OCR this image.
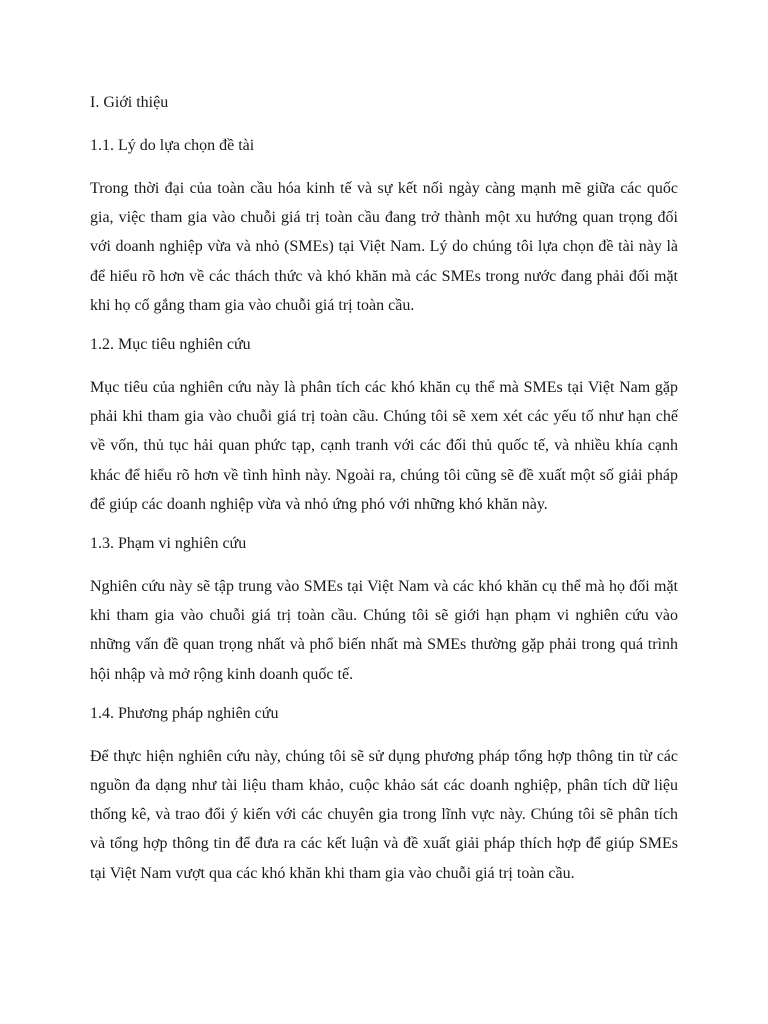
I. Giới thiệu

1.1. Lý do lựa chọn đề tài

Trong thời đại của toàn cầu hóa kinh tế và sự kết nối ngày càng mạnh mẽ giữa các quốc gia, việc tham gia vào chuỗi giá trị toàn cầu đang trở thành một xu hướng quan trọng đối với doanh nghiệp vừa và nhỏ (SMEs) tại Việt Nam. Lý do chúng tôi lựa chọn đề tài này là để hiểu rõ hơn về các thách thức và khó khăn mà các SMEs trong nước đang phải đối mặt khi họ cố gắng tham gia vào chuỗi giá trị toàn cầu.

1.2. Mục tiêu nghiên cứu

Mục tiêu của nghiên cứu này là phân tích các khó khăn cụ thể mà SMEs tại Việt Nam gặp phải khi tham gia vào chuỗi giá trị toàn cầu. Chúng tôi sẽ xem xét các yếu tố như hạn chế về vốn, thủ tục hải quan phức tạp, cạnh tranh với các đối thủ quốc tế, và nhiều khía cạnh khác để hiểu rõ hơn về tình hình này. Ngoài ra, chúng tôi cũng sẽ đề xuất một số giải pháp để giúp các doanh nghiệp vừa và nhỏ ứng phó với những khó khăn này.

1.3. Phạm vi nghiên cứu

Nghiên cứu này sẽ tập trung vào SMEs tại Việt Nam và các khó khăn cụ thể mà họ đối mặt khi tham gia vào chuỗi giá trị toàn cầu. Chúng tôi sẽ giới hạn phạm vi nghiên cứu vào những vấn đề quan trọng nhất và phổ biến nhất mà SMEs thường gặp phải trong quá trình hội nhập và mở rộng kinh doanh quốc tế.

1.4. Phương pháp nghiên cứu

Để thực hiện nghiên cứu này, chúng tôi sẽ sử dụng phương pháp tổng hợp thông tin từ các nguồn đa dạng như tài liệu tham khảo, cuộc khảo sát các doanh nghiệp, phân tích dữ liệu thống kê, và trao đổi ý kiến với các chuyên gia trong lĩnh vực này. Chúng tôi sẽ phân tích và tổng hợp thông tin để đưa ra các kết luận và đề xuất giải pháp thích hợp để giúp SMEs tại Việt Nam vượt qua các khó khăn khi tham gia vào chuỗi giá trị toàn cầu.
